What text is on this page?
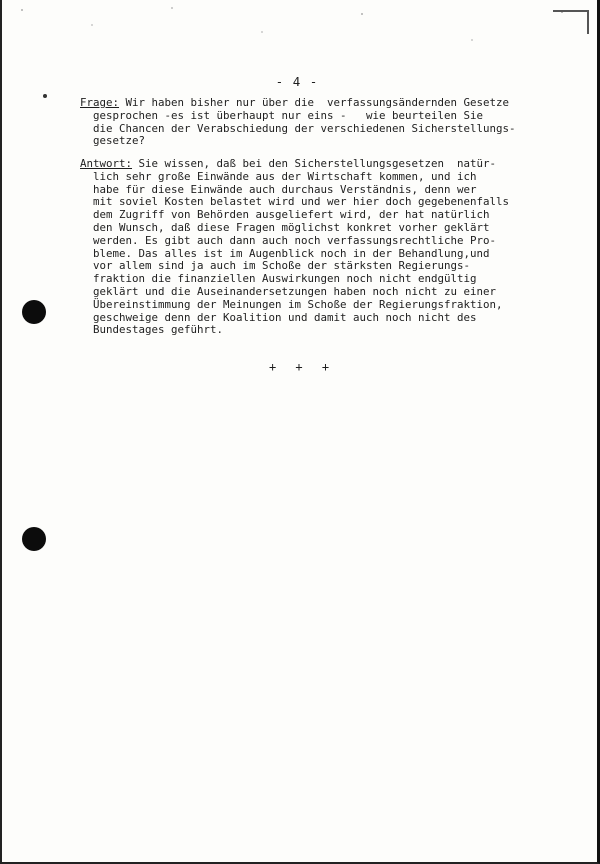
- 4 -
Frage: Wir haben bisher nur über die  verfassungsändernden Gesetze
gesprochen -es ist überhaupt nur eins -   wie beurteilen Sie
die Chancen der Verabschiedung der verschiedenen Sicherstellungs-
gesetze?
Antwort: Sie wissen, daß bei den Sicherstellungsgesetzen  natür-
lich sehr große Einwände aus der Wirtschaft kommen, und ich
habe für diese Einwände auch durchaus Verständnis, denn wer
mit soviel Kosten belastet wird und wer hier doch gegebenenfalls
dem Zugriff von Behörden ausgeliefert wird, der hat natürlich
den Wunsch, daß diese Fragen möglichst konkret vorher geklärt
werden. Es gibt auch dann auch noch verfassungsrechtliche Pro-
bleme. Das alles ist im Augenblick noch in der Behandlung,und
vor allem sind ja auch im Schoße der stärksten Regierungs-
fraktion die finanziellen Auswirkungen noch nicht endgültig
geklärt und die Auseinandersetzungen haben noch nicht zu einer
Übereinstimmung der Meinungen im Schoße der Regierungsfraktion,
geschweige denn der Koalition und damit auch noch nicht des
Bundestages geführt.
+ + +
